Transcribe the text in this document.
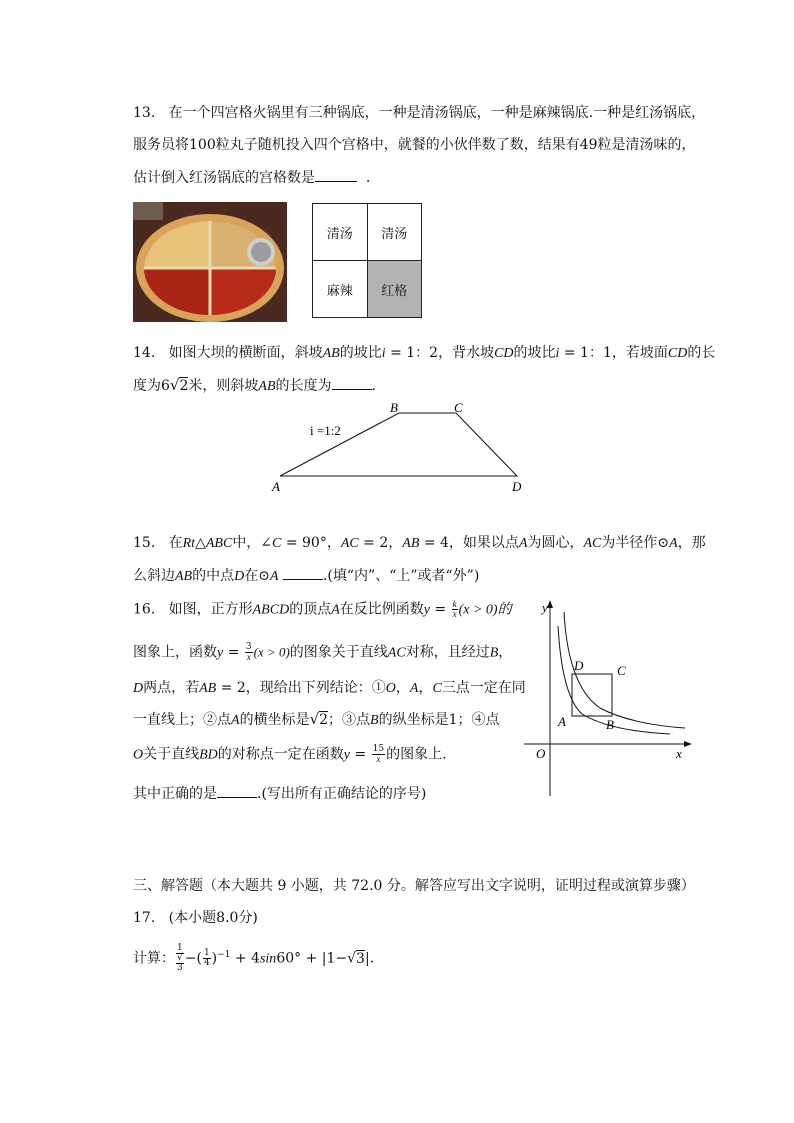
13. 在一个四宫格火锅里有三种锅底，一种是清汤锅底，一种是麻辣锅底.一种是红汤锅底，
服务员将100粒丸子随机投入四个宫格中，就餐的小伙伴数了数，结果有49粒是清汤味的，
估计倒入红汤锅底的宫格数是	.
清汤	清汤
麻辣	红格
14. 如图大坝的横断面，斜坡AB的坡比i = 1：2，背水坡CD的坡比i = 1：1，若坡面CD的长
度为6√2米，则斜坡AB的长度为	.
B	C
A	D
i =1:2
15. 在Rt△ABC中，∠C = 90°，AC = 2，AB = 4，如果以点A为圆心，AC为半径作⊙A，那
么斜边AB的中点D在⊙A	.(填“内”、“上”或者“外”)
16. 如图，正方形ABCD的顶点A在反比例函数$y = \frac{k}{x} (x > 0)$的
图象上，函数$y = \frac{3}{x} (x > 0)$的图象关于直线AC对称，且经过B，
D两点，若AB = 2，现给出下列结论：①O，A，C三点一定在同
一直线上；②点A的横坐标是√2；③点B的纵坐标是1；④点
O关于直线BD的对称点一定在函数$y = \frac{15}{x}$ 的图象上.
其中正确的是	.(写出所有正确结论的序号)
y
x
O
A	B
C
D
三、解答题（本大题共 9 小题，共 72.0 分。解答应写出文字说明，证明过程或演算步骤）
17. (本小题8.0分)
计算： 1
√
3 −( $\frac{1}{4} )^{-1} + 4\sin 60^\circ + |1-√3|$.
